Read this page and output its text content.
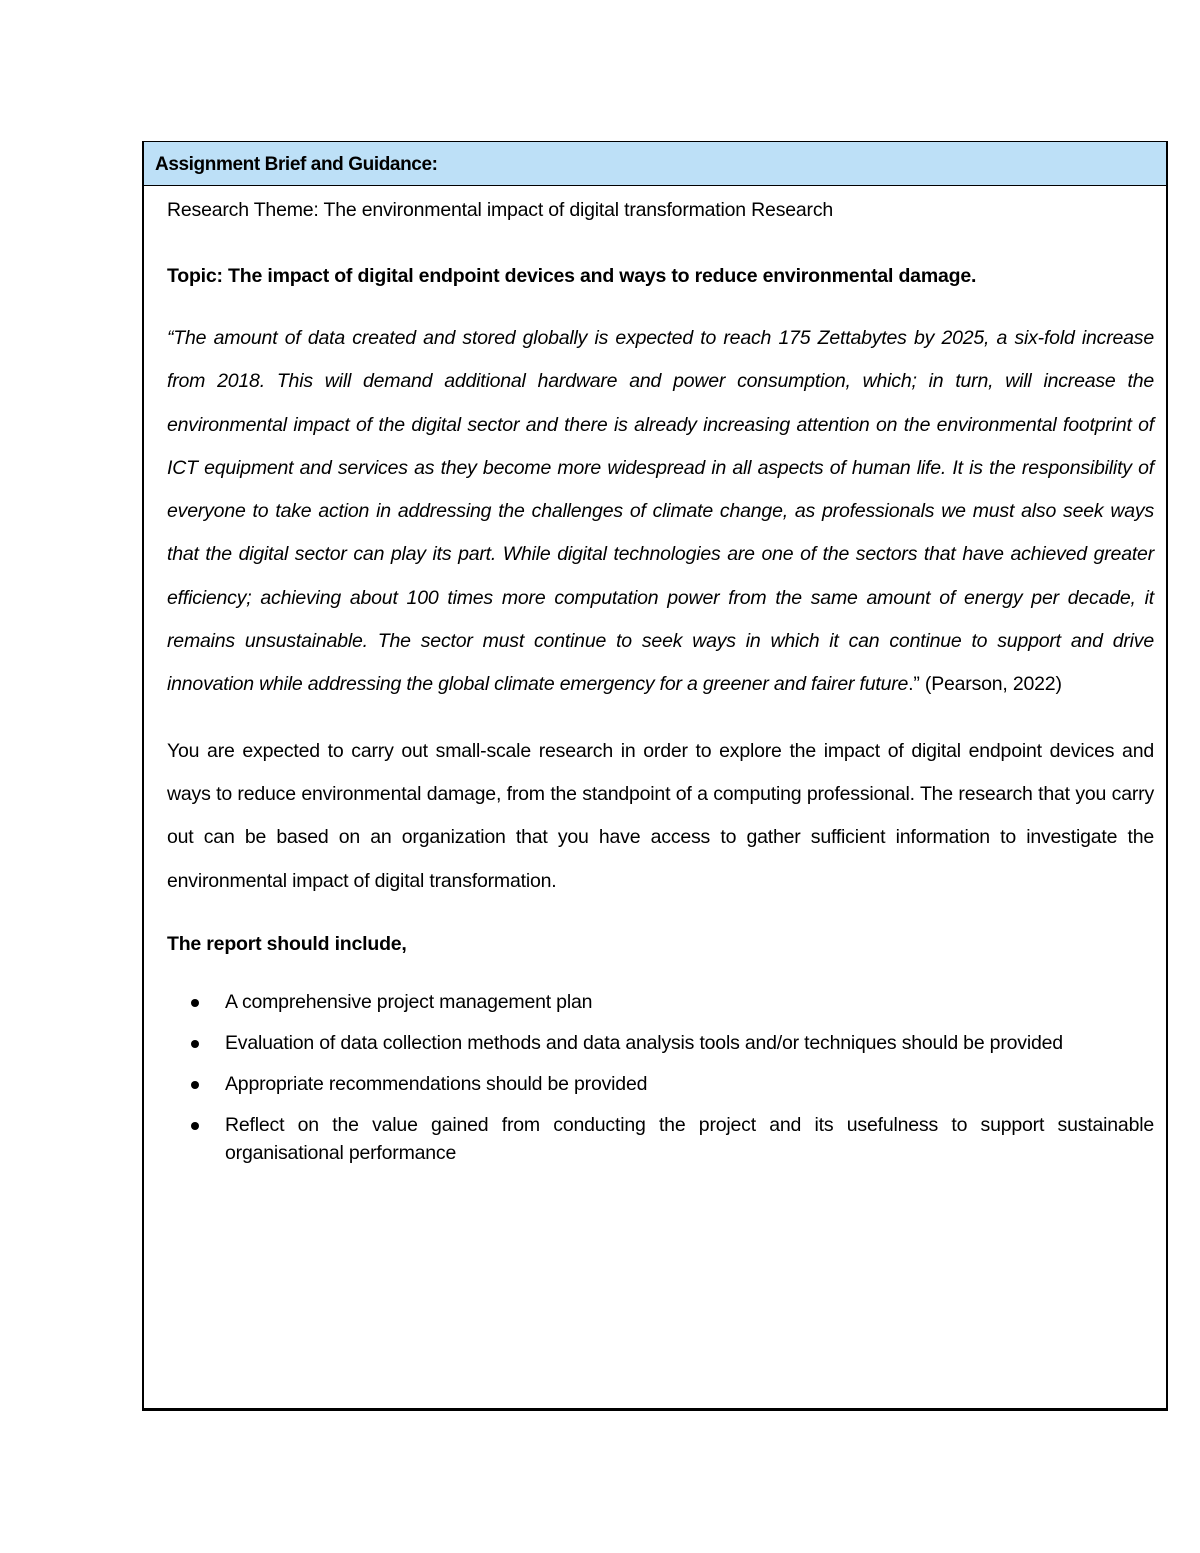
Assignment Brief and Guidance:

Research Theme: The environmental impact of digital transformation Research

Topic: The impact of digital endpoint devices and ways to reduce environmental damage.

“The amount of data created and stored globally is expected to reach 175 Zettabytes by 2025, a six-fold increase from 2018. This will demand additional hardware and power consumption, which; in turn, will increase the environmental impact of the digital sector and there is already increasing attention on the environmental footprint of ICT equipment and services as they become more widespread in all aspects of human life. It is the responsibility of everyone to take action in addressing the challenges of climate change, as professionals we must also seek ways that the digital sector can play its part. While digital technologies are one of the sectors that have achieved greater efficiency; achieving about 100 times more computation power from the same amount of energy per decade, it remains unsustainable. The sector must continue to seek ways in which it can continue to support and drive innovation while addressing the global climate emergency for a greener and fairer future.” (Pearson, 2022)

You are expected to carry out small-scale research in order to explore the impact of digital endpoint devices and ways to reduce environmental damage, from the standpoint of a computing professional. The research that you carry out can be based on an organization that you have access to gather sufficient information to investigate the environmental impact of digital transformation.

The report should include,

A comprehensive project management plan
Evaluation of data collection methods and data analysis tools and/or techniques should be provided
Appropriate recommendations should be provided
Reflect on the value gained from conducting the project and its usefulness to support sustainable organisational performance
